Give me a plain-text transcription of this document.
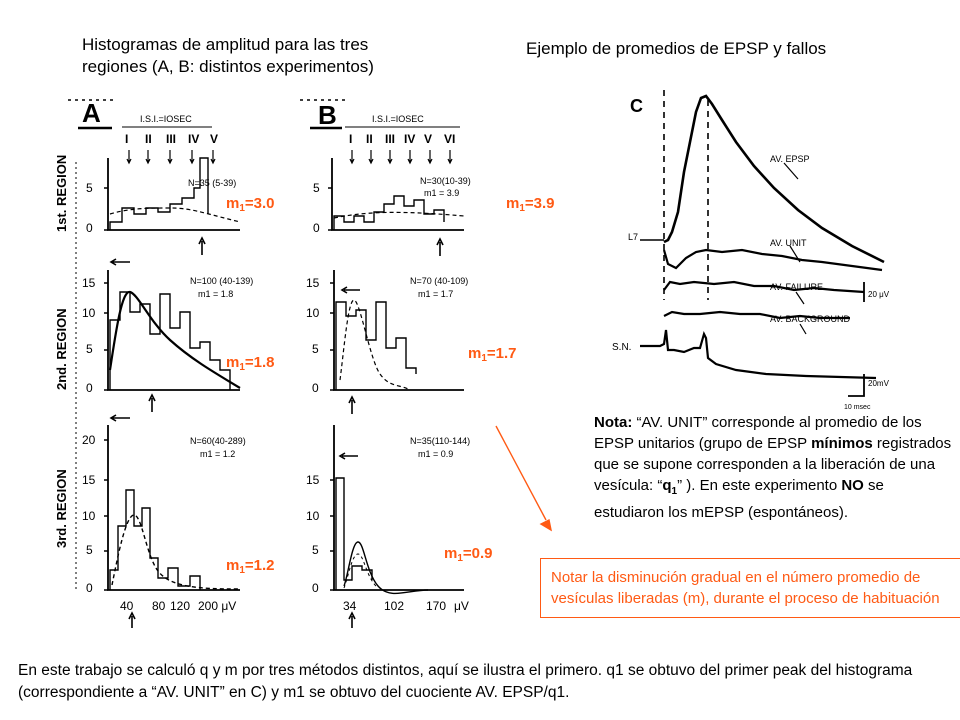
Histogramas de amplitud para las tres
regiones (A, B: distintos experimentos)
Ejemplo de promedios de EPSP y fallos
A	I.S.I.=IOSEC
I II III IV V
B	I.S.I.=IOSEC
I II III IV V VI
1st. REGION
2nd. REGION
3rd. REGION
5
0
N=35 (5-39)	5
0
N=30(10-39)
m1 = 3.9
15
10
5
0
N=100 (40-139)
m1 = 1.8
15
10
5
0
N=70 (40-109)
m1 = 1.7
20
15
10
5
0
N=60(40-289)
m1 = 1.2
40 80 120 200 μV
15
10
5
0
N=35(110-144)
m1 = 0.9
34 102 170 μV
C
AV. EPSP
L7
AV. UNIT
AV. FAILURE
AV. BACKGROUND
20 μV
S.N.
20mV
10 msec
$m_1=3.0$	$m_1=3.9$
$m_1=1.8$
$m_1=1.7$
$m_1=1.2$
$m_1=0.9$
Nota: “AV. UNIT” corresponde al promedio de los EPSP unitarios (grupo de EPSP mínimos registrados que se supone corresponden a la liberación de una vesícula: “$q_1$” ). En este experimento NO se estudiaron los mEPSP (espontáneos).
Notar la disminución gradual en el número promedio de vesículas liberadas (m), durante el proceso de habituación
En este trabajo se calculó q y m por tres métodos distintos, aquí se ilustra el primero. q1 se obtuvo del primer peak del histograma (correspondiente a “AV. UNIT” en C) y m1 se obtuvo del cuociente AV. EPSP/q1.
